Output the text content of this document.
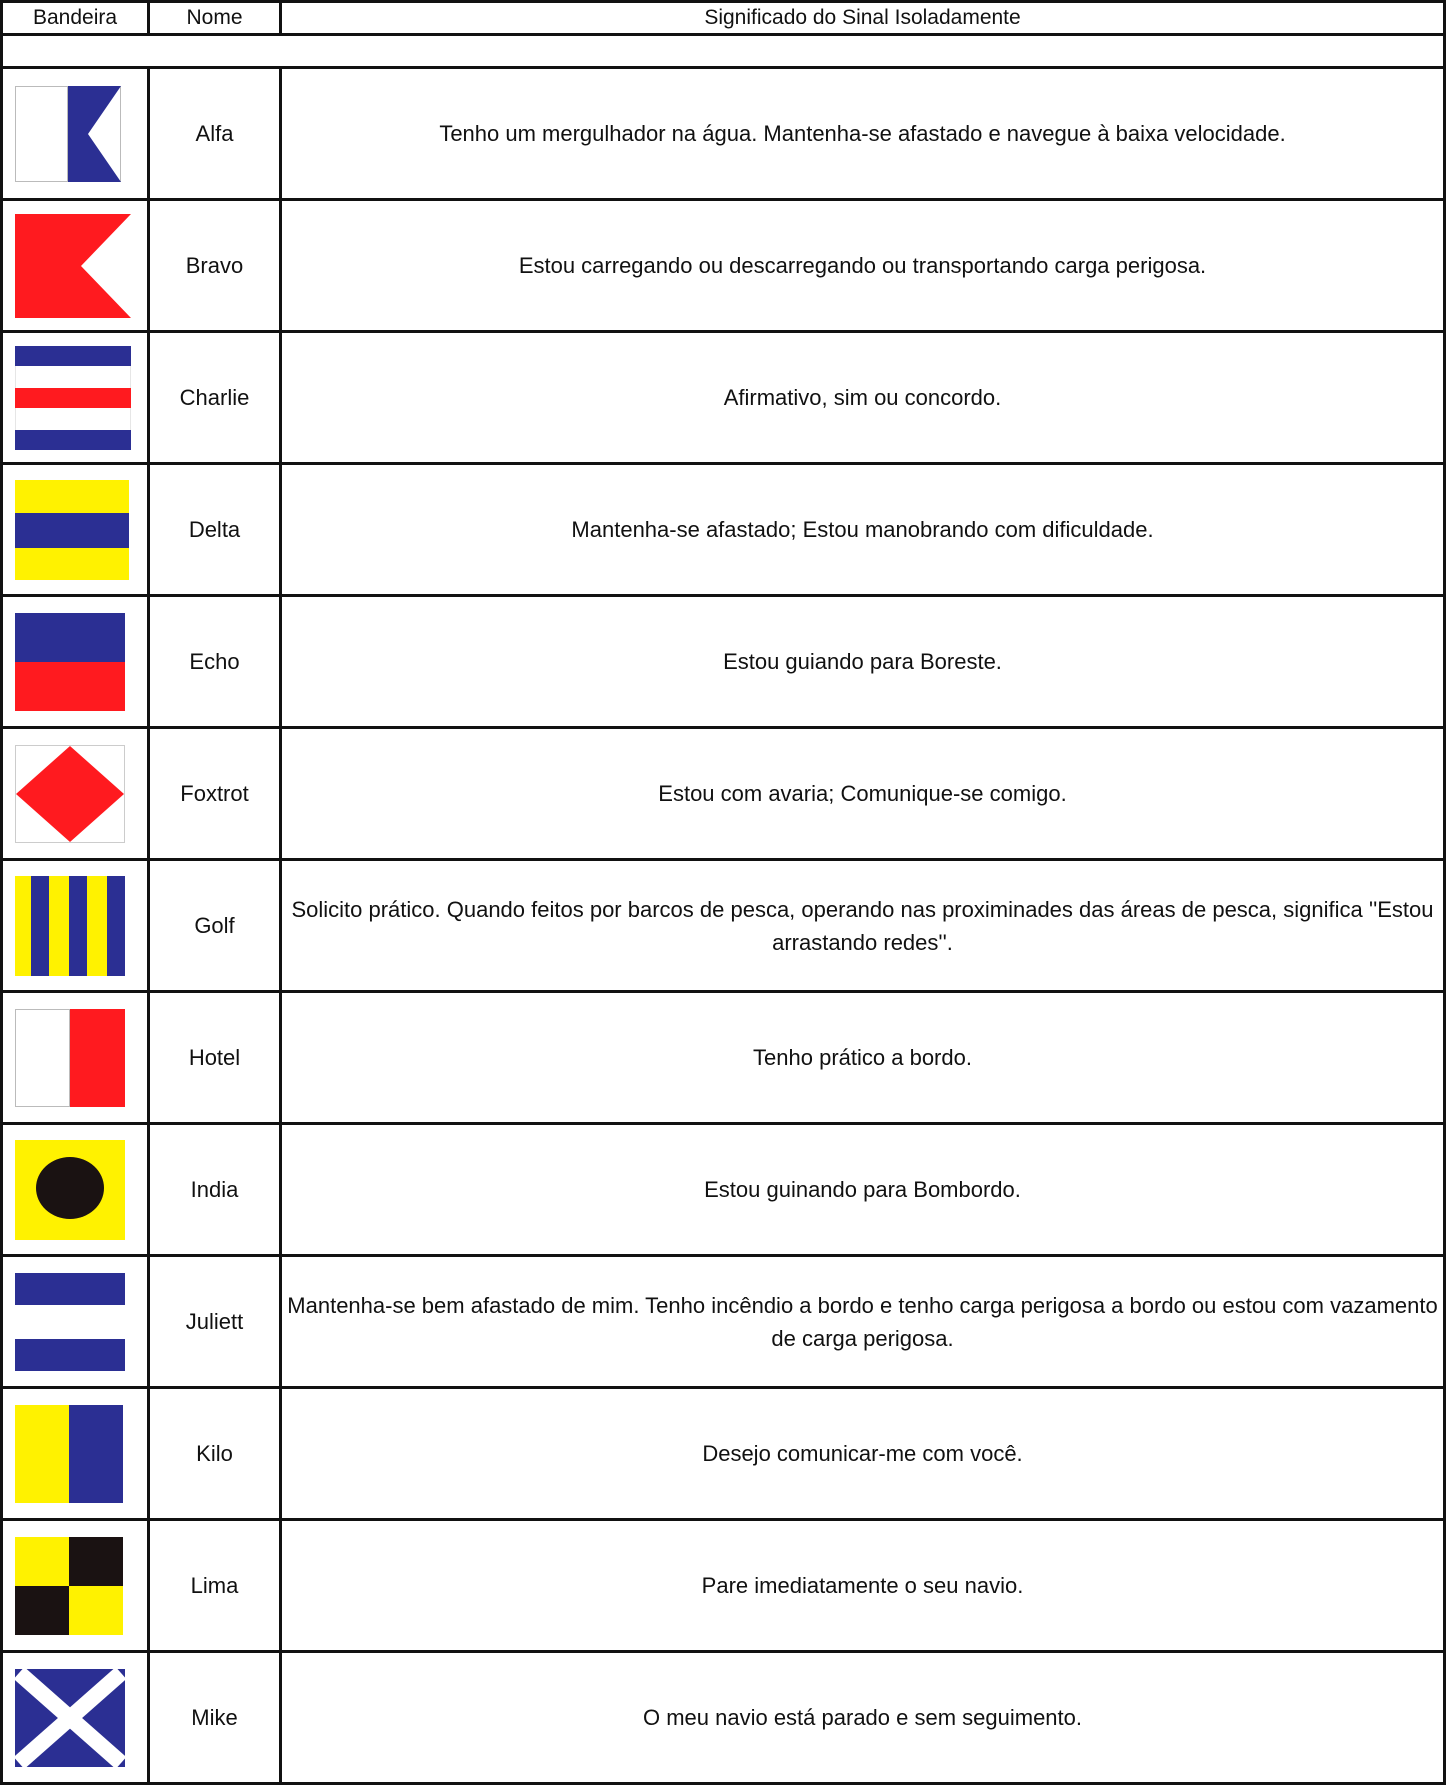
Bandeira	Nome	Significado do Sinal Isoladamente

	Alfa	Tenho um mergulhador na água. Mantenha-se afastado e navegue à baixa velocidade.

	Bravo	Estou carregando ou descarregando ou transportando carga perigosa.

	Charlie	Afirmativo, sim ou concordo.

	Delta	Mantenha-se afastado; Estou manobrando com dificuldade.

	Echo	Estou guiando para Boreste.

	Foxtrot	Estou com avaria; Comunique-se comigo.

	Golf	Solicito prático. Quando feitos por barcos de pesca, operando nas proximinades das áreas de pesca, significa ''Estou arrastando redes''.

	Hotel	Tenho prático a bordo.

	India	Estou guinando para Bombordo.

	Juliett	Mantenha-se bem afastado de mim. Tenho incêndio a bordo e tenho carga perigosa a bordo ou estou com vazamento de carga perigosa.

	Kilo	Desejo comunicar-me com você.

	Lima	Pare imediatamente o seu navio.

	Mike	O meu navio está parado e sem seguimento.
